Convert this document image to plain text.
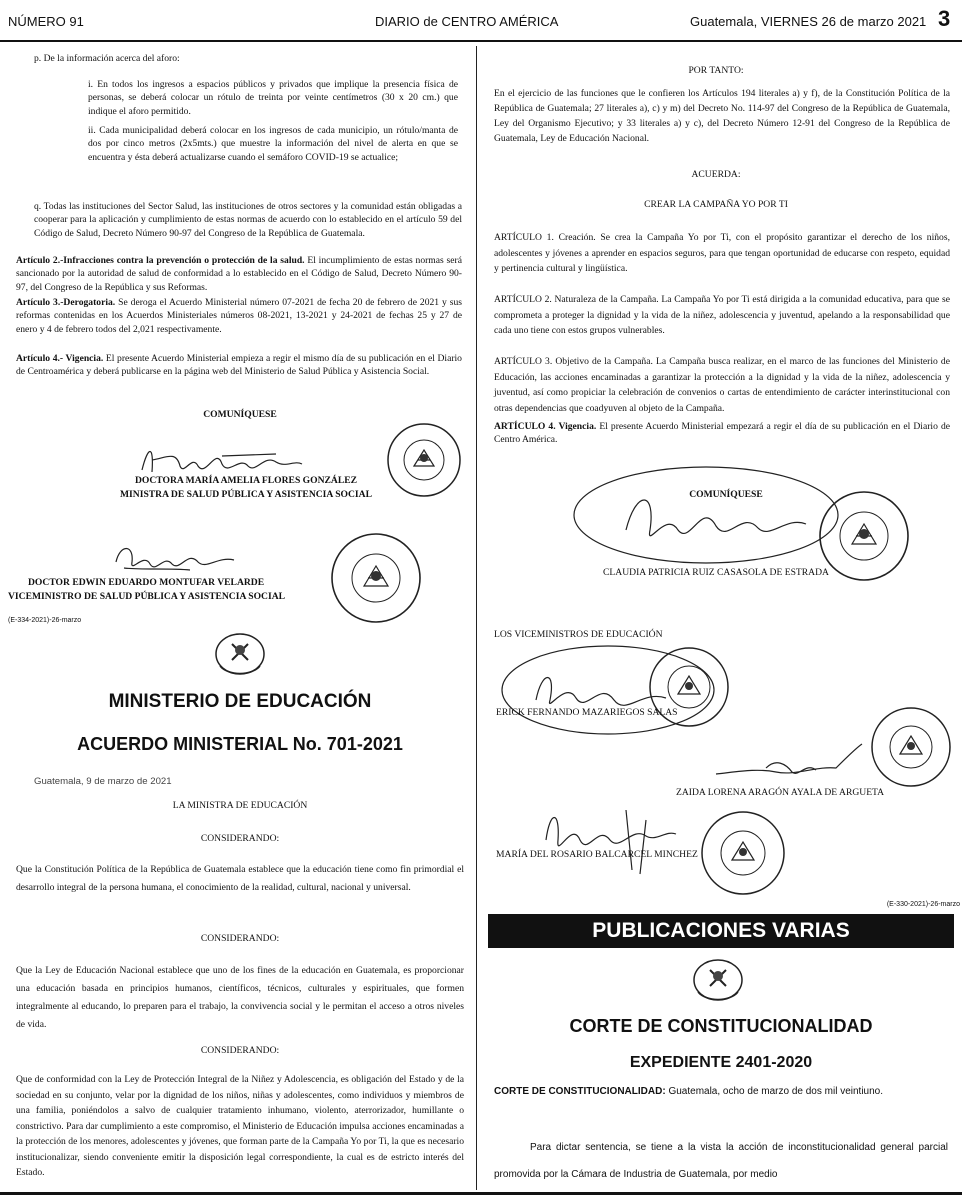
NÚMERO 91	DIARIO de CENTRO AMÉRICA	Guatemala, VIERNES 26 de marzo 2021 3
p. De la información acerca del aforo:
i. En todos los ingresos a espacios públicos y privados que implique la presencia física de personas, se deberá colocar un rótulo de treinta por veinte centímetros (30 x 20 cm.) que indique el aforo permitido.
ii. Cada municipalidad deberá colocar en los ingresos de cada municipio, un rótulo/manta de dos por cinco metros (2x5mts.) que muestre la información del nivel de alerta en que se encuentra y ésta deberá actualizarse cuando el semáforo COVID-19 se actualice;
q. Todas las instituciones del Sector Salud, las instituciones de otros sectores y la comunidad están obligadas a cooperar para la aplicación y cumplimiento de estas normas de acuerdo con lo establecido en el artículo 59 del Código de Salud, Decreto Número 90-97 del Congreso de la República de Guatemala.
Artículo 2.-Infracciones contra la prevención o protección de la salud. El incumplimiento de estas normas será sancionado por la autoridad de salud de conformidad a lo establecido en el Código de Salud, Decreto Número 90-97, del Congreso de la República y sus Reformas.
Artículo 3.-Derogatoria. Se deroga el Acuerdo Ministerial número 07-2021 de fecha 20 de febrero de 2021 y sus reformas contenidas en los Acuerdos Ministeriales números 08-2021, 13-2021 y 24-2021 de fechas 25 y 27 de enero y 4 de febrero todos del 2,021 respectivamente.
Artículo 4.- Vigencia. El presente Acuerdo Ministerial empieza a regir el mismo día de su publicación en el Diario de Centroamérica y deberá publicarse en la página web del Ministerio de Salud Pública y Asistencia Social.
COMUNÍQUESE
DOCTORA MARÍA AMELIA FLORES GONZÁLEZ
MINISTRA DE SALUD PÚBLICA Y ASISTENCIA SOCIAL
DOCTOR EDWIN EDUARDO MONTUFAR VELARDE
VICEMINISTRO DE SALUD PÚBLICA Y ASISTENCIA SOCIAL
(E-334-2021)-26-marzo
MINISTERIO DE EDUCACIÓN
ACUERDO MINISTERIAL No. 701-2021
Guatemala, 9 de marzo de 2021
LA MINISTRA DE EDUCACIÓN
CONSIDERANDO:
Que la Constitución Política de la República de Guatemala establece que la educación tiene como fin primordial el desarrollo integral de la persona humana, el conocimiento de la realidad, cultural, nacional y universal.
CONSIDERANDO:
Que la Ley de Educación Nacional establece que uno de los fines de la educación en Guatemala, es proporcionar una educación basada en principios humanos, científicos, técnicos, culturales y espirituales, que formen integralmente al educando, lo preparen para el trabajo, la convivencia social y le permitan el acceso a otros niveles de vida.
CONSIDERANDO:
Que de conformidad con la Ley de Protección Integral de la Niñez y Adolescencia, es obligación del Estado y de la sociedad en su conjunto, velar por la dignidad de los niños, niñas y adolescentes, como individuos y miembros de una familia, poniéndolos a salvo de cualquier tratamiento inhumano, violento, aterrorizador, humillante o constrictivo. Para dar cumplimiento a este compromiso, el Ministerio de Educación impulsa acciones encaminadas a la protección de los menores, adolescentes y jóvenes, que forman parte de la Campaña Yo por Ti, la que es necesario institucionalizar, siendo conveniente emitir la disposición legal correspondiente, la cual es de estricto interés del Estado.
POR TANTO:
En el ejercicio de las funciones que le confieren los Artículos 194 literales a) y f), de la Constitución Política de la República de Guatemala; 27 literales a), c) y m) del Decreto No. 114-97 del Congreso de la República de Guatemala, Ley del Organismo Ejecutivo; y 33 literales a) y c), del Decreto Número 12-91 del Congreso de la República de Guatemala, Ley de Educación Nacional.
ACUERDA:
CREAR LA CAMPAÑA YO POR TI
ARTÍCULO 1. Creación. Se crea la Campaña Yo por Ti, con el propósito garantizar el derecho de los niños, adolescentes y jóvenes a aprender en espacios seguros, para que tengan oportunidad de educarse con respeto, equidad y pertinencia cultural y lingüística.
ARTÍCULO 2. Naturaleza de la Campaña. La Campaña Yo por Ti está dirigida a la comunidad educativa, para que se comprometa a proteger la dignidad y la vida de la niñez, adolescencia y juventud, apelando a la responsabilidad que cada uno tiene con estos grupos vulnerables.
ARTÍCULO 3. Objetivo de la Campaña. La Campaña busca realizar, en el marco de las funciones del Ministerio de Educación, las acciones encaminadas a garantizar la protección a la dignidad y la vida de la niñez, adolescencia y juventud, así como propiciar la celebración de convenios o cartas de entendimiento de carácter interinstitucional con otras dependencias que coadyuven al objeto de la Campaña.
ARTÍCULO 4. Vigencia. El presente Acuerdo Ministerial empezará a regir el día de su publicación en el Diario de Centro América.
COMUNÍQUESE
CLAUDIA PATRICIA RUIZ CASASOLA DE ESTRADA
LOS VICEMINISTROS DE EDUCACIÓN
ERICK FERNANDO MAZARIEGOS SALAS
ZAIDA LORENA ARAGÓN AYALA DE ARGUETA
MARÍA DEL ROSARIO BALCARCEL MINCHEZ
(E-330-2021)-26-marzo
PUBLICACIONES VARIAS
CORTE DE CONSTITUCIONALIDAD
EXPEDIENTE 2401-2020
CORTE DE CONSTITUCIONALIDAD: Guatemala, ocho de marzo de dos mil veintiuno.
Para dictar sentencia, se tiene a la vista la acción de inconstitucionalidad general parcial promovida por la Cámara de Industria de Guatemala, por medio
